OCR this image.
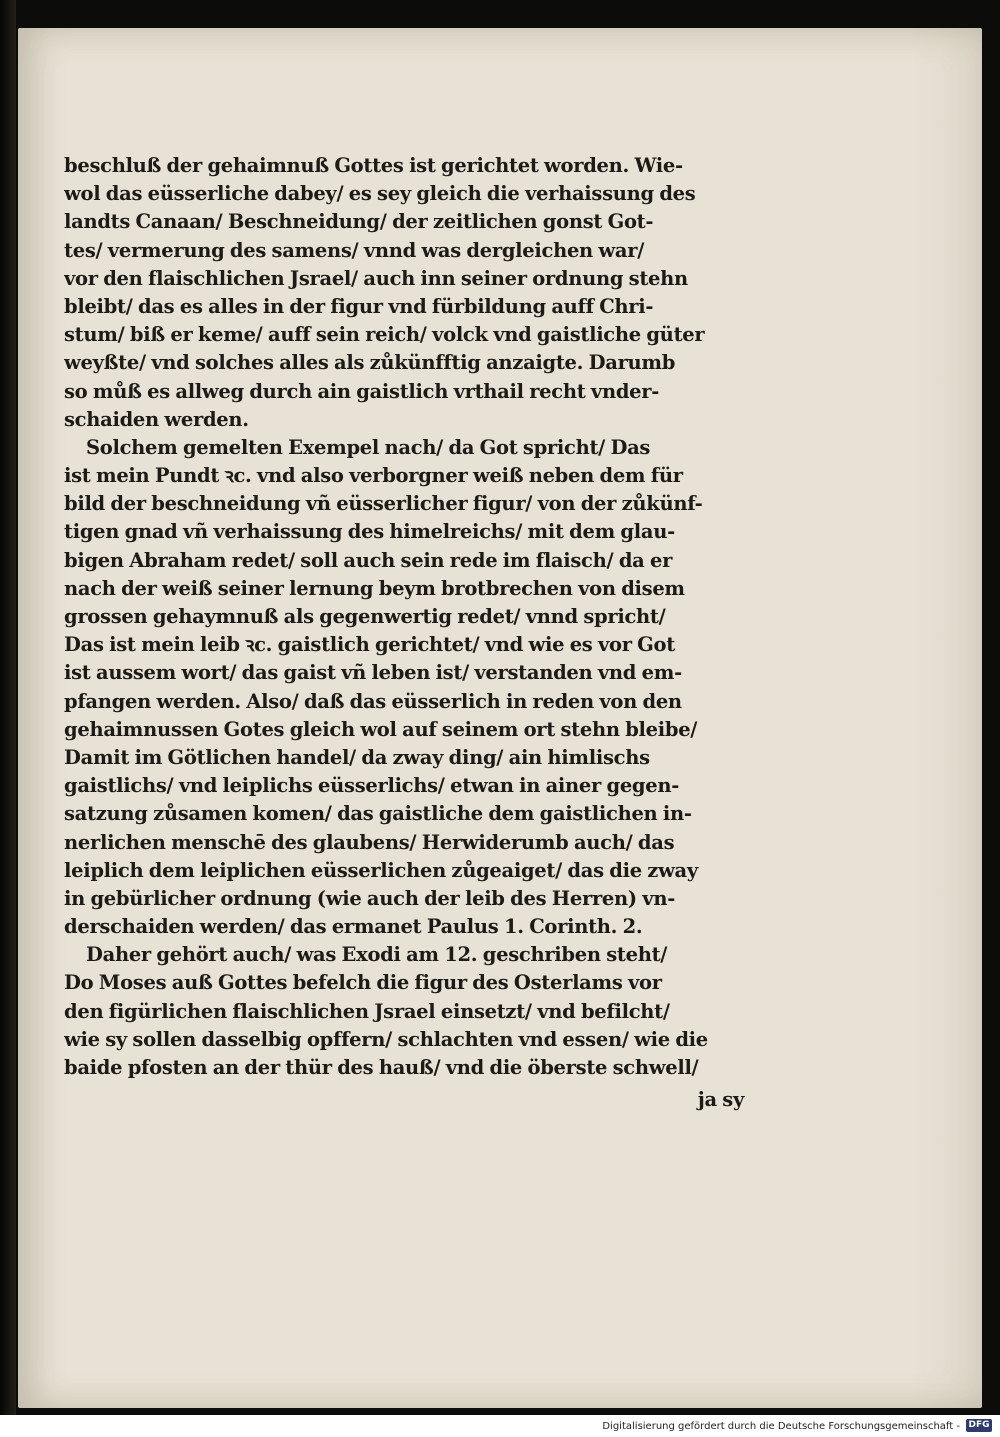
beschluß der gehaimnuß Gottes ist gerichtet worden. Wie-
wol das eüsserliche dabey/ es sey gleich die verhaissung des
landts Canaan/ Beschneidung/ der zeitlichen gonst Got-
tes/ vermerung des samens/ vnnd was dergleichen war/
vor den flaischlichen Jsrael/ auch inn seiner ordnung stehn
bleibt/ das es alles in der figur vnd fürbildung auff Chri-
stum/ biß er keme/ auff sein reich/ volck vnd gaistliche güter
weyßte/ vnd solches alles als zůkünfftig anzaigte. Darumb
so můß es allweg durch ain gaistlich vrthail recht vnder-
schaiden werden.
Solchem gemelten Exempel nach/ da Got spricht/ Das
ist mein Pundt ꝛc. vnd also verborgner weiß neben dem für
bild der beschneidung vñ eüsserlicher figur/ von der zůkünf-
tigen gnad vñ verhaissung des himelreichs/ mit dem glau-
bigen Abraham redet/ soll auch sein rede im flaisch/ da er
nach der weiß seiner lernung beym brotbrechen von disem
grossen gehaymnuß als gegenwertig redet/ vnnd spricht/
Das ist mein leib ꝛc. gaistlich gerichtet/ vnd wie es vor Got
ist aussem wort/ das gaist vñ leben ist/ verstanden vnd em-
pfangen werden. Also/ daß das eüsserlich in reden von den
gehaimnussen Gotes gleich wol auf seinem ort stehn bleibe/
Damit im Götlichen handel/ da zway ding/ ain himlischs
gaistlichs/ vnd leiplichs eüsserlichs/ etwan in ainer gegen-
satzung zůsamen komen/ das gaistliche dem gaistlichen in-
nerlichen menschē des glaubens/ Herwiderumb auch/ das
leiplich dem leiplichen eüsserlichen zůgeaiget/ das die zway
in gebürlicher ordnung (wie auch der leib des Herren) vn-
derschaiden werden/ das ermanet Paulus 1. Corinth. 2.
Daher gehört auch/ was Exodi am 12. geschriben steht/
Do Moses auß Gottes befelch die figur des Osterlams vor
den figürlichen flaischlichen Jsrael einsetzt/ vnd befilcht/
wie sy sollen dasselbig opffern/ schlachten vnd essen/ wie die
baide pfosten an der thür des hauß/ vnd die öberste schwell/
ja sy
Digitalisierung gefördert durch die Deutsche Forschungsgemeinschaft - DFG
